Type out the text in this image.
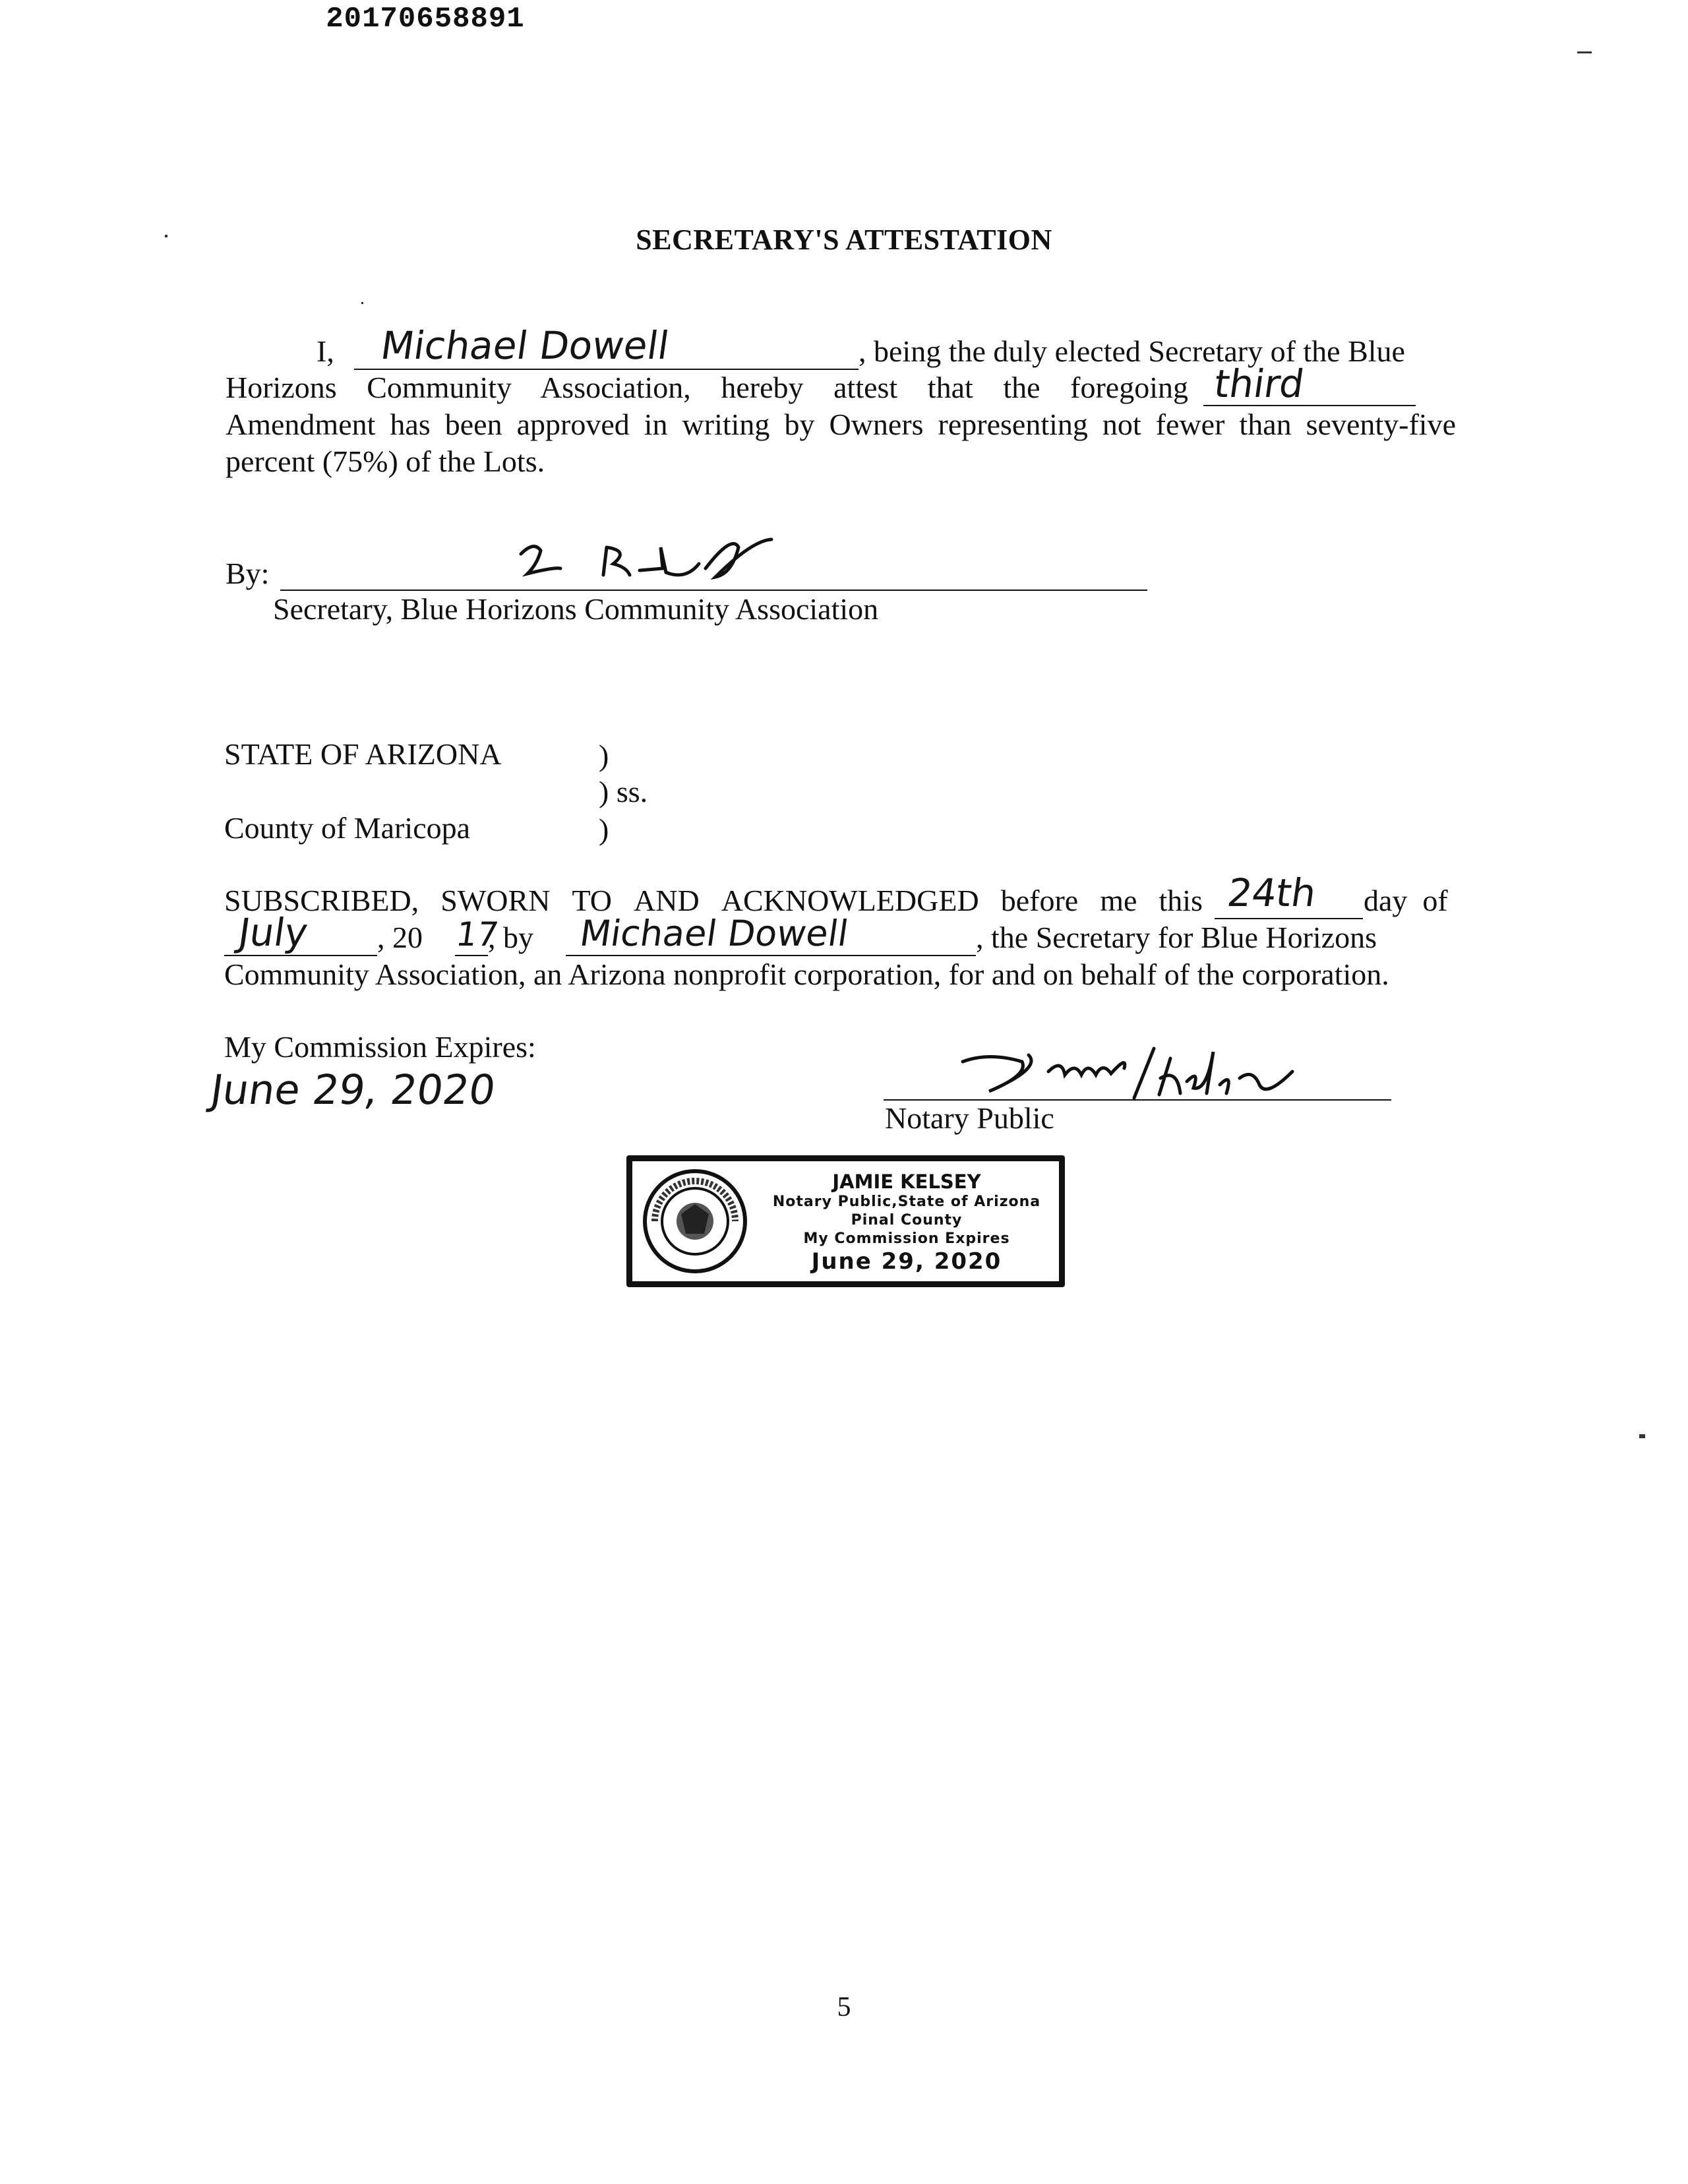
20170658891
SECRETARY'S ATTESTATION
I, Michael Dowell	, being the duly elected Secretary of the Blue
Horizons Community Association, hereby attest that the foregoing third
Amendment has been approved in writing by Owners representing not fewer than seventy-five
percent (75%) of the Lots.
By:
Secretary, Blue Horizons Community Association
STATE OF ARIZONA	)
) ss.
County of Maricopa	)
SUBSCRIBED, SWORN TO AND ACKNOWLEDGED before me this 24th day  of
July , 20 17
, by Michael Dowell	, the Secretary for Blue Horizons
Community Association, an Arizona nonprofit corporation, for and on behalf of the corporation.
My Commission Expires:
June 29, 2020
Notary Public
JAMIE KELSEY
Notary Public,State of Arizona
Pinal County
My Commission Expires
June 29, 2020
5
